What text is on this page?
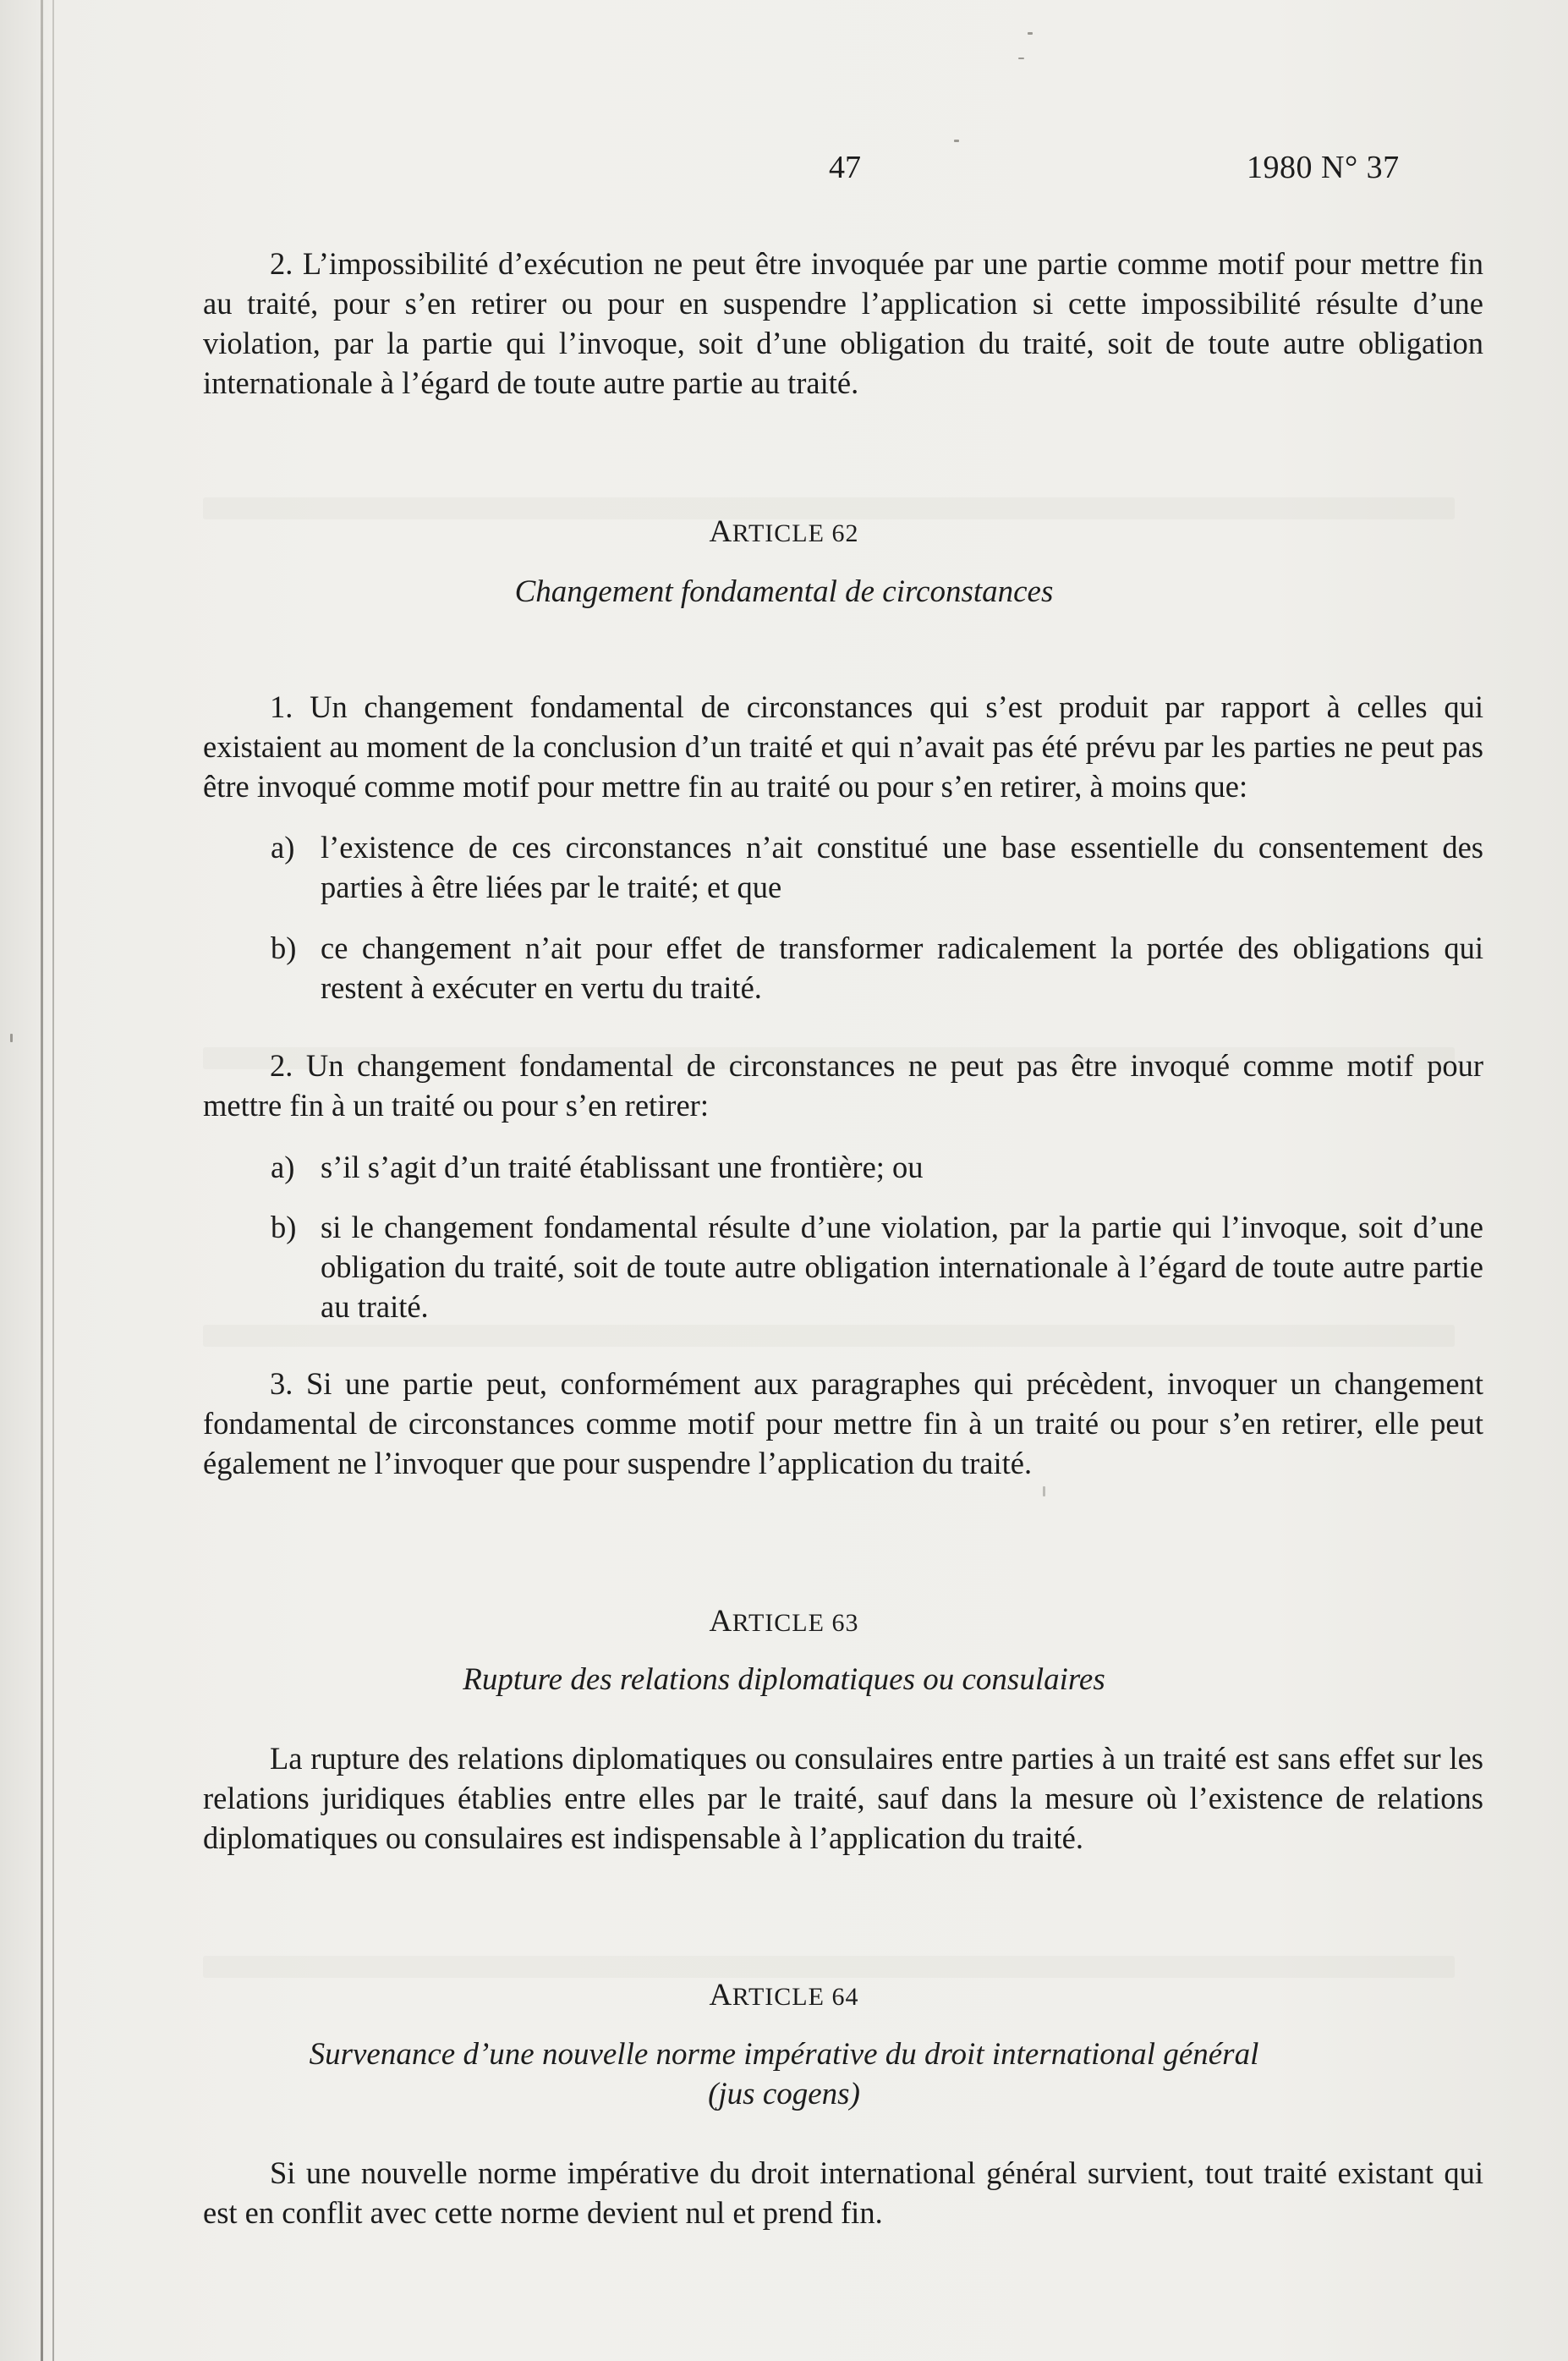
47	1980 N° 37

2. L’impossibilité d’exécution ne peut être invoquée par une partie comme motif pour mettre fin au traité, pour s’en retirer ou pour en suspendre l’application si cette impossibilité résulte d’une violation, par la partie qui l’invoque, soit d’une obligation du traité, soit de toute autre obligation internationale à l’égard de toute autre partie au traité.

ARTICLE 62
Changement fondamental de circonstances

1. Un changement fondamental de circonstances qui s’est produit par rapport à celles qui existaient au moment de la conclusion d’un traité et qui n’avait pas été prévu par les parties ne peut pas être invoqué comme motif pour mettre fin au traité ou pour s’en retirer, à moins que:

a) l’existence de ces circonstances n’ait constitué une base essentielle du consentement des parties à être liées par le traité; et que
b) ce changement n’ait pour effet de transformer radicalement la portée des obligations qui restent à exécuter en vertu du traité.

2. Un changement fondamental de circonstances ne peut pas être invoqué comme motif pour mettre fin à un traité ou pour s’en retirer:

a) s’il s’agit d’un traité établissant une frontière; ou
b) si le changement fondamental résulte d’une violation, par la partie qui l’invoque, soit d’une obligation du traité, soit de toute autre obligation internationale à l’égard de toute autre partie au traité.

3. Si une partie peut, conformément aux paragraphes qui précèdent, invoquer un changement fondamental de circonstances comme motif pour mettre fin à un traité ou pour s’en retirer, elle peut également ne l’invoquer que pour suspendre l’application du traité.

ARTICLE 63
Rupture des relations diplomatiques ou consulaires

La rupture des relations diplomatiques ou consulaires entre parties à un traité est sans effet sur les relations juridiques établies entre elles par le traité, sauf dans la mesure où l’existence de relations diplomatiques ou consulaires est indispensable à l’application du traité.

ARTICLE 64
Survenance d’une nouvelle norme impérative du droit international général
(jus cogens)

Si une nouvelle norme impérative du droit international général survient, tout traité existant qui est en conflit avec cette norme devient nul et prend fin.
